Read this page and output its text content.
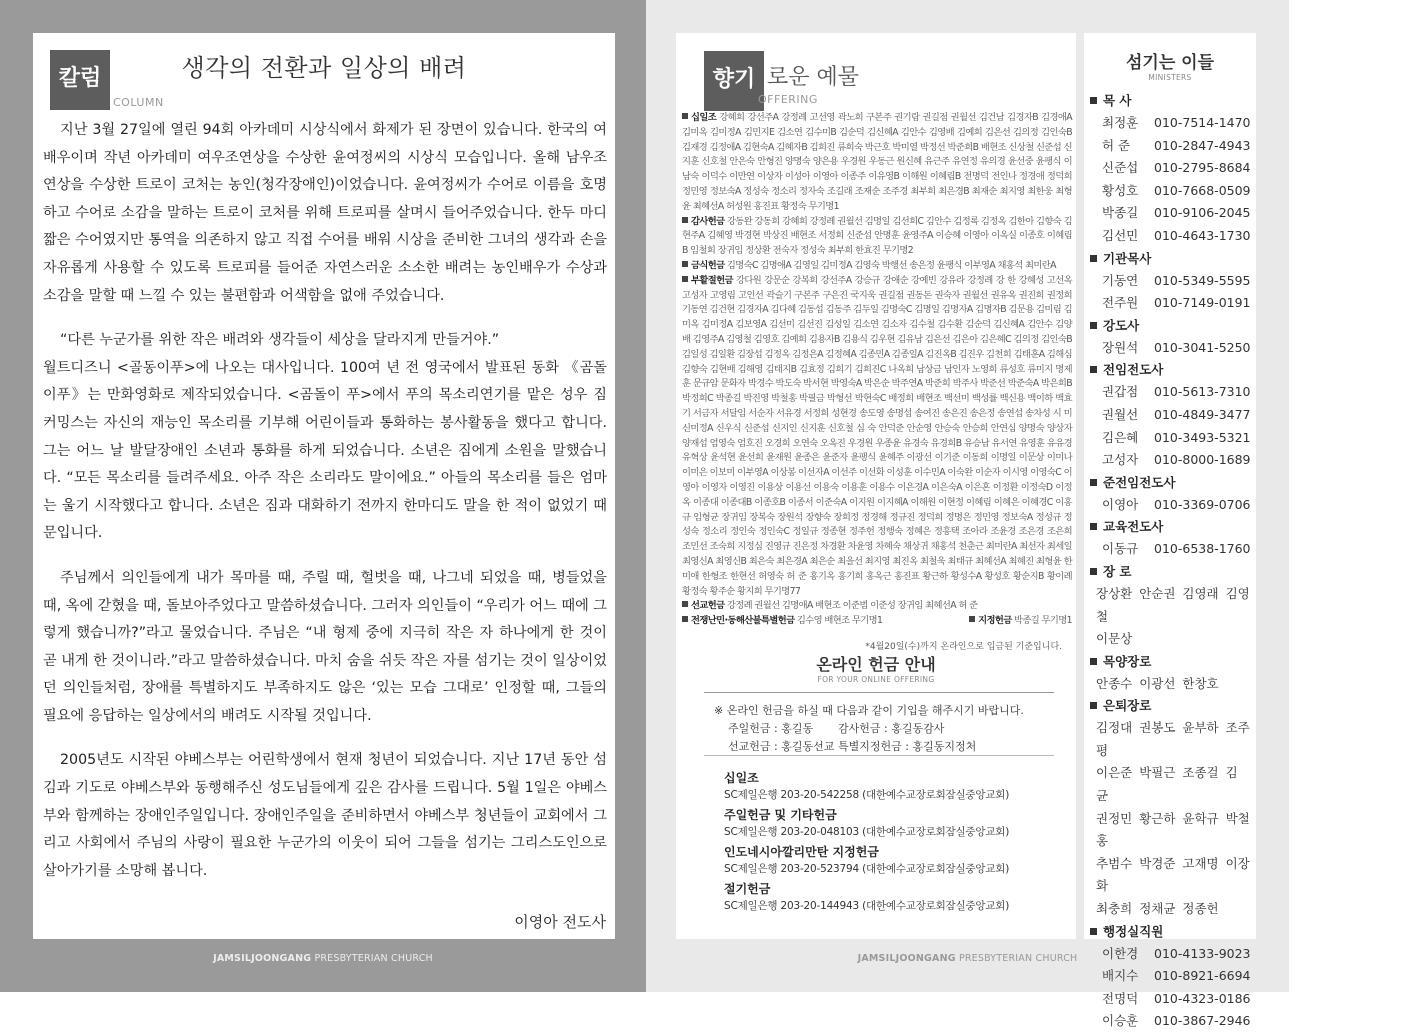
칼럼
COLUMN
생각의 전환과 일상의 배려

지난 3월 27일에 열린 94회 아카데미 시상식에서 화제가 된 장면이 있습니다. 한국의 여배우이며 작년 아카데미 여우조연상을 수상한 윤여정씨의 시상식 모습입니다. 올해 남우조연상을 수상한 트로이 코처는 농인(청각장애인)이었습니다. 윤여정씨가 수어로 이름을 호명하고 수어로 소감을 말하는 트로이 코처를 위해 트로피를 살며시 들어주었습니다. 한두 마디 짧은 수어였지만 통역을 의존하지 않고 직접 수어를 배워 시상을 준비한 그녀의 생각과 손을 자유롭게 사용할 수 있도록 트로피를 들어준 자연스러운 소소한 배려는 농인배우가 수상과 소감을 말할 때 느낄 수 있는 불편함과 어색함을 없애 주었습니다.

“다른 누군가를 위한 작은 배려와 생각들이 세상을 달라지게 만들거야.”

월트디즈니 <골동이푸>에 나오는 대사입니다. 100여 년 전 영국에서 발표된 동화 《곰돌이푸》는 만화영화로 제작되었습니다. <곰돌이 푸>에서 푸의 목소리연기를 맡은 성우 짐 커밍스는 자신의 재능인 목소리를 기부해 어린이들과 통화하는 봉사활동을 했다고 합니다. 그는 어느 날 발달장애인 소년과 통화를 하게 되었습니다. 소년은 짐에게 소원을 말했습니다. “모든 목소리를 들려주세요. 아주 작은 소리라도 말이에요.” 아들의 목소리를 들은 엄마는 울기 시작했다고 합니다. 소년은 짐과 대화하기 전까지 한마디도 말을 한 적이 없었기 때문입니다.

주님께서 의인들에게 내가 목마를 때, 주릴 때, 헐벗을 때, 나그네 되었을 때, 병들었을 때, 옥에 갇혔을 때, 돌보아주었다고 말씀하셨습니다. 그러자 의인들이 “우리가 어느 때에 그렇게 했습니까?”라고 물었습니다. 주님은 “내 형제 중에 지극히 작은 자 하나에게 한 것이 곧 내게 한 것이니라.”라고 말씀하셨습니다. 마치 숨을 쉬듯 작은 자를 섬기는 것이 일상이었던 의인들처럼, 장애를 특별하지도 부족하지도 않은 ‘있는 모습 그대로’ 인정할 때, 그들의 필요에 응답하는 일상에서의 배려도 시작될 것입니다.

2005년도 시작된 야베스부는 어린학생에서 현재 청년이 되었습니다. 지난 17년 동안 섬김과 기도로 야베스부와 동행해주신 성도님들에게 깊은 감사를 드립니다. 5월 1일은 야베스부와 함께하는 장애인주일입니다. 장애인주일을 준비하면서 야베스부 청년들이 교회에서 그리고 사회에서 주님의 사랑이 필요한 누군가의 이웃이 되어 그들을 섬기는 그리스도인으로 살아가기를 소망해 봅니다.

이영아 전도사
JAMSILJOONGANG PRESBYTERIAN CHURCH
향기 로운 예물
OFFERING
십일조 강혜희 강선주A 강정례 고선영 곽노희 구본주 권기람 권길점 권월선 김건남 김경자B 김경애A 김미옥 김미정A 김민지E 김소연 김수미B 김순덕 김신혜A 김안수 김영배 김예희 김은선 김의정 김인숙B 김재경 김정애A 김현숙A 김혜자B 김희진 류희숙 박근호 박미열 박정선 박준희B 배현조 신상철 신준섭 신지훈 신호철 안은숙 안형진 양명숙 양은용 우경원 우동근 원신혜 유근주 유연정 유의경 윤선중 윤팽식 이남숙 이덕수 이만연 이상자 이성아 이영아 이종주 이유영B 이해원 이혜림B 전명덕 전인나 정경애 정덕희 정민영 정보숙A 정성숙 정소리 정자숙 조길래 조재순 조주경 최부희 최은경B 최재순 최지영 최한웅 최형윤 최혜선A 허성원 홍진표 황정숙 무기명1
감사헌금 강동완 강동희 강혜희 강정례 권월선 김명일 김선희C 김안수 김정록 김정옥 김한아 김향숙 김현주A 김혜영 박경현 박상진 배현조 서정희 신준섭 안명훈 윤영주A 이승혜 이영아 이옥실 이종호 이혜림B 임철희 장귀임 정상환 전숙자 정성숙 최부희 한효진 무기명2
금식헌금 김명숙C 김명애A 김영일 김미정A 김영숙 박행선 송은정 윤팽식 이부영A 채홍석 최미란A
부활절헌금 강다원 강문순 강복희 강선주A 강승규 강애순 강예빈 강유라 강정례 강 한 강혜성 고선옥 고성자 고영림 고인선 곽슬기 구본주 구은진 국지욱 권길점 권동돈 권숙자 권월선 권유옥 권진희 권정희 기동연 김건현 김경자A 김다혜 김동섭 김동주 김두일 김명숙C 김명일 김명자A 김명자B 김문용 김미림 김미옥 김미정A 김보영A 김선미 김선진 김성일 김소연 김소자 김수철 김수환 김순덕 김신혜A 김안수 김양배 김영주A 김영철 김영호 김예희 김용자B 김용식 김우현 김유남 김은선 김은아 김은혜C 김의정 김인숙B 김일성 김일환 김장섭 김정옥 김정은A 김정혜A 김종민A 김종일A 김진옥B 김진우 김천희 김태훈A 김해심 김향숙 김현배 김해영 김태지B 김효정 김희기 김희진C 나옥희 남상금 남인자 노영희 류성호 류미지 명제훈 문규암 문화자 박경수 박도숙 박서현 박영숙A 박은순 박주연A 박준희 박주사 박준선 박준숙A 박은희B 박정희C 박종길 박진영 박철홍 박필금 박형선 박현숙C 배정희 배현조 백선미 백성률 백신용 백이하 백효기 서금자 서달임 서순자 서유경 서정희 성현경 송도영 송명섭 송여진 송은진 송은정 송연섭 송차성 시 미 신미정A 신우식 신준섭 신지인 신지훈 신호철 심 숙 안덕준 안순영 안승숙 안승희 안연심 양명숙 양상자 양재섭 엄영숙 엄호진 오경희 오연숙 오옥진 우경원 우종윤 유경숙 유경희B 유승남 유서연 유영훈 유유경 유혁상 윤석현 윤선희 윤재원 윤종은 윤준자 윤팽식 윤혜주 이광선 이기준 이동희 이명일 이문상 이미나 이미은 이보미 이부영A 이상봉 이선자A 이선주 이선화 이성훈 이수민A 이숙완 이순자 이시영 이영숙C 이영아 이영자 이영진 이용상 이용선 이용숙 이용훈 이용수 이은경A 이은숙A 이은혼 이정환 이정숙D 이정옥 이종대 이종대B 이종호B 이종서 이준숙A 이지원 이지혜A 이해원 이현정 이혜림 이혜은 이혜경C 이홍규 임형균 장귀임 장복숙 장원석 장향숙 장희정 정경해 정규진 정덕희 정명은 정민영 정보숙A 정성규 정성숙 정소리 정인숙 정인숙C 정일규 정종현 정주헌 정행숙 정혜은 정흥택 조아라 조윤경 조은경 조은희 조민선 조숙희 지정심 진영규 진은정 차경환 차윤영 차혜숙 채상귀 채홍석 천춘근 최미란A 최선자 최세일 최영신A 최영신B 최은숙 최은경A 최은순 최을선 최지영 최진옥 최철욱 최태규 최혜선A 최혜진 최형윤 한미애 한형조 한현선 허영숙 허 준 홍기옥 홍기희 홍옥근 홍진표 황근하 황성수A 황성호 황순지B 황이례 황정숙 황주순 황지희 무기명77
선교헌금 강정례 권월선 김명애A 배현조 이준범 이준성 장귀임 최혜선A 허 준
전쟁난민·동해산불특별헌금 김수영 배현조 무기명1	지정헌금 박종길 무기명1
*4월20일(수)까지 온라인으로 입금된 기준입니다.
온라인 헌금 안내
FOR YOUR ONLINE OFFERING
※ 온라인 헌금을 하실 때 다음과 같이 기입을 해주시기 바랍니다.
주일헌금 : 홍길동	감사헌금 : 홍길동감사
선교헌금 : 홍길동선교 특별지정헌금 : 홍길동지정처
십일조
SC제일은행 203-20-542258 (대한예수교장로회잠실중앙교회)
주일헌금 및 기타헌금
SC제일은행 203-20-048103 (대한예수교장로회잠실중앙교회)
인도네시아깔리만탄 지정헌금
SC제일은행 203-20-523794 (대한예수교장로회잠실중앙교회)
절기헌금
SC제일은행 203-20-144943 (대한예수교장로회잠실중앙교회)
섬기는 이들
MINISTERS
목 사
최정훈 010-7514-1470
허 준 010-2847-4943
신준섭 010-2795-8684
황성호 010-7668-0509
박종길 010-9106-2045
김선민 010-4643-1730
기관목사
기동연 010-5349-5595
전주원 010-7149-0191
강도사
장원석 010-3041-5250
전임전도사
권갑점 010-5613-7310
권월선 010-4849-3477
김은혜 010-3493-5321
고성자 010-8000-1689
준전임전도사
이영아 010-3369-0706
교육전도사
이동규 010-6538-1760
장 로
장상환 안순권 김영래 김영철
이문상
목양장로
안종수 이광선 한창호
은퇴장로
김정대 권봉도 윤부하 조주평
이은준 박필근 조종걸 김 균
권정민 황근하 윤학규 박철홍
추범수 박경준 고재명 이장화
최충희 정채균 정종헌
행정실직원
이한경 010-4133-9023
배지수 010-8921-6694
전명덕 010-4323-0186
이승훈 010-3867-2946
JAMSILJOONGANG PRESBYTERIAN CHURCH
